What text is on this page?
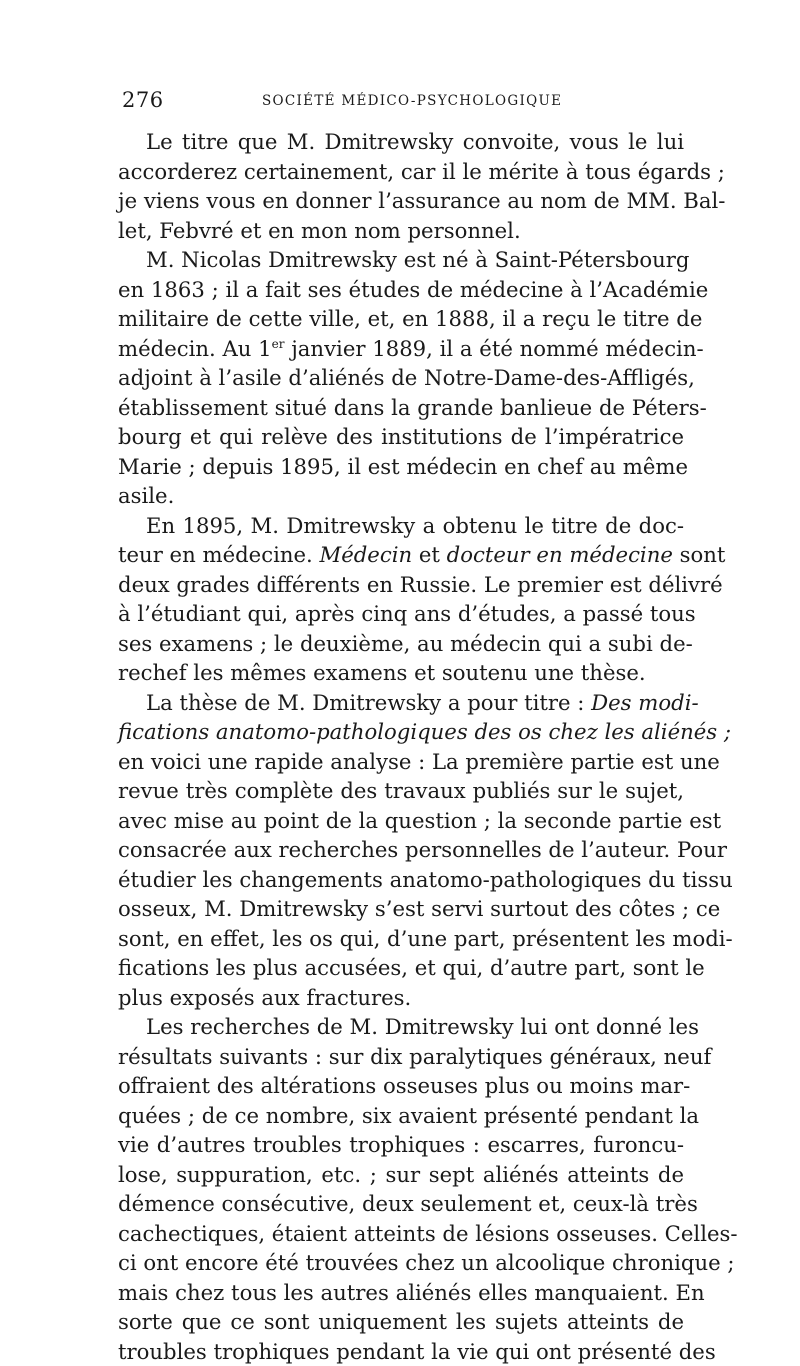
276	SOCIÉTÉ MÉDICO-PSYCHOLOGIQUE
Le titre que M. Dmitrewsky convoite, vous le lui
accorderez certainement, car il le mérite à tous égards ;
je viens vous en donner l’assurance au nom de MM. Bal-
let, Febvré et en mon nom personnel.
M. Nicolas Dmitrewsky est né à Saint-Pétersbourg
en 1863 ; il a fait ses études de médecine à l’Académie
militaire de cette ville, et, en 1888, il a reçu le titre de
médecin. Au 1er janvier 1889, il a été nommé médecin-
adjoint à l’asile d’aliénés de Notre-Dame-des-Affligés,
établissement situé dans la grande banlieue de Péters-
bourg et qui relève des institutions de l’impératrice
Marie ; depuis 1895, il est médecin en chef au même
asile.
En 1895, M. Dmitrewsky a obtenu le titre de doc-
teur en médecine. Médecin et docteur en médecine sont
deux grades différents en Russie. Le premier est délivré
à l’étudiant qui, après cinq ans d’études, a passé tous
ses examens ; le deuxième, au médecin qui a subi de-
rechef les mêmes examens et soutenu une thèse.
La thèse de M. Dmitrewsky a pour titre : Des modi-
fications anatomo-pathologiques des os chez les aliénés ;
en voici une rapide analyse : La première partie est une
revue très complète des travaux publiés sur le sujet,
avec mise au point de la question ; la seconde partie est
consacrée aux recherches personnelles de l’auteur. Pour
étudier les changements anatomo-pathologiques du tissu
osseux, M. Dmitrewsky s’est servi surtout des côtes ; ce
sont, en effet, les os qui, d’une part, présentent les modi-
fications les plus accusées, et qui, d’autre part, sont le
plus exposés aux fractures.
Les recherches de M. Dmitrewsky lui ont donné les
résultats suivants : sur dix paralytiques généraux, neuf
offraient des altérations osseuses plus ou moins mar-
quées ; de ce nombre, six avaient présenté pendant la
vie d’autres troubles trophiques : escarres, furoncu-
lose, suppuration, etc. ; sur sept aliénés atteints de
démence consécutive, deux seulement et, ceux-là très
cachectiques, étaient atteints de lésions osseuses. Celles-
ci ont encore été trouvées chez un alcoolique chronique ;
mais chez tous les autres aliénés elles manquaient. En
sorte que ce sont uniquement les sujets atteints de
troubles trophiques pendant la vie qui ont présenté des
